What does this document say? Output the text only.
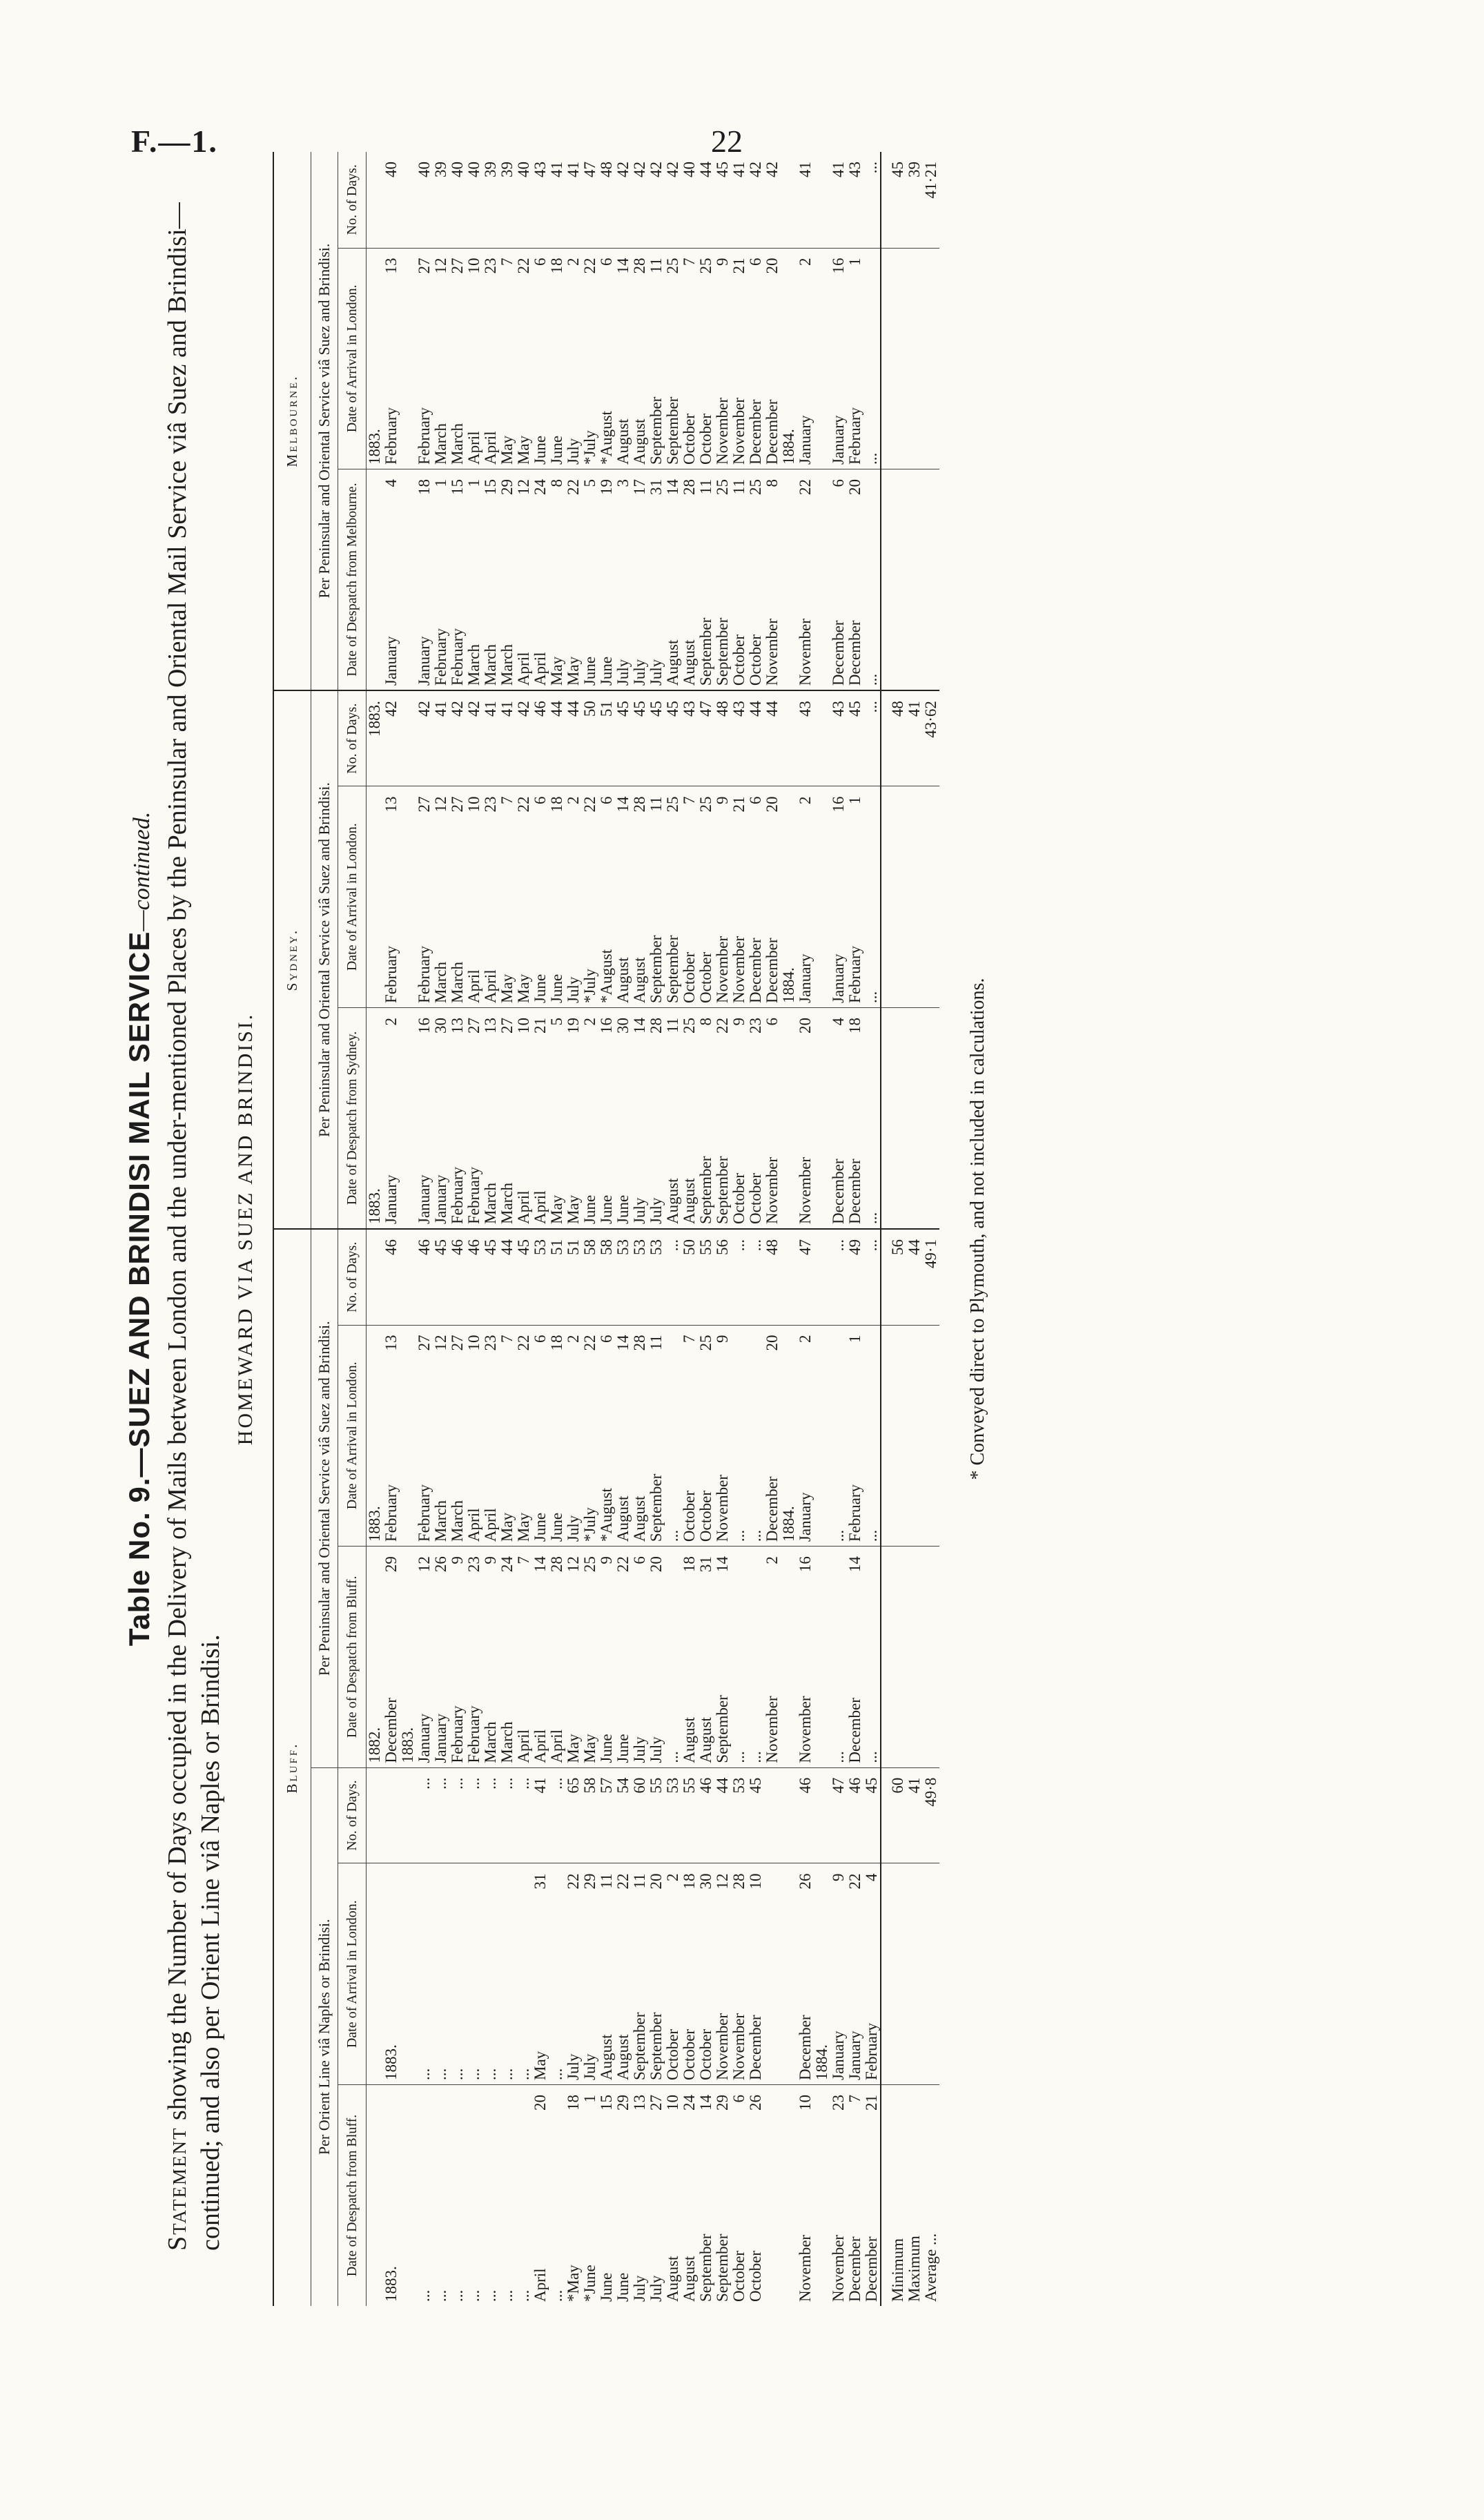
F.—1.	22
Table No. 9.—SUEZ AND BRINDISI MAIL SERVICE—continued.
Statement showing the Number of Days occupied in the Delivery of Mails between London and the under-mentioned Places by the Peninsular and Oriental Mail Service viâ Suez and Brindisi—continued; and also per Orient Line viâ Naples or Brindisi.
HOMEWARD VIA SUEZ AND BRINDISI.
Bluff.										Sydney.					Melbourne.				
Per Orient Line viâ Naples or Brindisi.					Per Peninsular and Oriental Service viâ Suez and Brindisi.					Per Peninsular and Oriental Service viâ Suez and Brindisi.					Per Peninsular and Oriental Service viâ Suez and Brindisi.				
Date of Despatch from Bluff.		Date of Arrival in London.		No. of Days.	Date of Despatch from Bluff.		Date of Arrival in London.		No. of Days.	Date of Despatch from Sydney.		Date of Arrival in London.		No. of Days.	Date of Despatch from Melbourne.		Date of Arrival in London.		No. of Days.
					1882.		1883.			1883.				1883.			1883.		
1883.		1883.			December	29	February	13	46	January	2	February	13	42	January	4	February	13	40
					1883.														
...		...		...	January	12	February	27	46	January	16	February	27	42	January	18	February	27	40
...		...		...	January	26	March	12	45	January	30	March	12	41	February	1	March	12	39
...		...		...	February	9	March	27	46	February	13	March	27	42	February	15	March	27	40
...		...		...	February	23	April	10	46	February	27	April	10	42	March	1	April	10	40
...		...		...	March	9	April	23	45	March	13	April	23	41	March	15	April	23	39
...		...		...	March	24	May	7	44	March	27	May	7	41	March	29	May	7	39
...		...		...	April	7	May	22	45	April	10	May	22	42	April	12	May	22	40
April	20	May	31	41	April	14	June	6	53	April	21	June	6	46	April	24	June	6	43
...		...		...	April	28	June	18	51	May	5	June	18	44	May	8	June	18	41
*May	18	July	22	65	May	12	July	2	51	May	19	July	2	44	May	22	July	2	41
*June	1	July	29	58	May	25	*July	22	58	June	2	*July	22	50	June	5	*July	22	47
June	15	August	11	57	June	9	*August	6	58	June	16	*August	6	51	June	19	*August	6	48
June	29	August	22	54	June	22	August	14	53	June	30	August	14	45	July	3	August	14	42
July	13	September	11	60	July	6	August	28	53	July	14	August	28	45	July	17	August	28	42
July	27	September	20	55	July	20	September	11	53	July	28	September	11	45	July	31	September	11	42
August	10	October	2	53	...		...		...	August	11	September	25	45	August	14	September	25	42
August	24	October	18	55	August	18	October	7	50	August	25	October	7	43	August	28	October	7	40
September	14	October	30	46	August	31	October	25	55	September	8	October	25	47	September	11	October	25	44
September	29	November	12	44	September	14	November	9	56	September	22	November	9	48	September	25	November	9	45
October	6	November	28	53	...		...		...	October	9	November	21	43	October	11	November	21	41
October	26	December	10	45	...		...		...	October	23	December	6	44	October	25	December	6	42
					November	2	December	20	48	November	6	December	20	44	November	8	December	20	42
							1884.					1884.					1884.		
November	10	December	26	46	November	16	January	2	47	November	20	January	2	43	November	22	January	2	41
		1884.																	
November	23	January	9	47	...		...		...	December	4	January	16	43	December	6	January	16	41
December	7	January	22	46	December	14	February	1	49	December	18	February	1	45	December	20	February	1	43
December	21	February	4	45	...		...		...	...		...		...	...		...		...
Minimum				60					56					48					45
Maximum				41					44					41					39
Average ...				49·8					49·1					43·62					41·21
* Conveyed direct to Plymouth, and not included in calculations.
